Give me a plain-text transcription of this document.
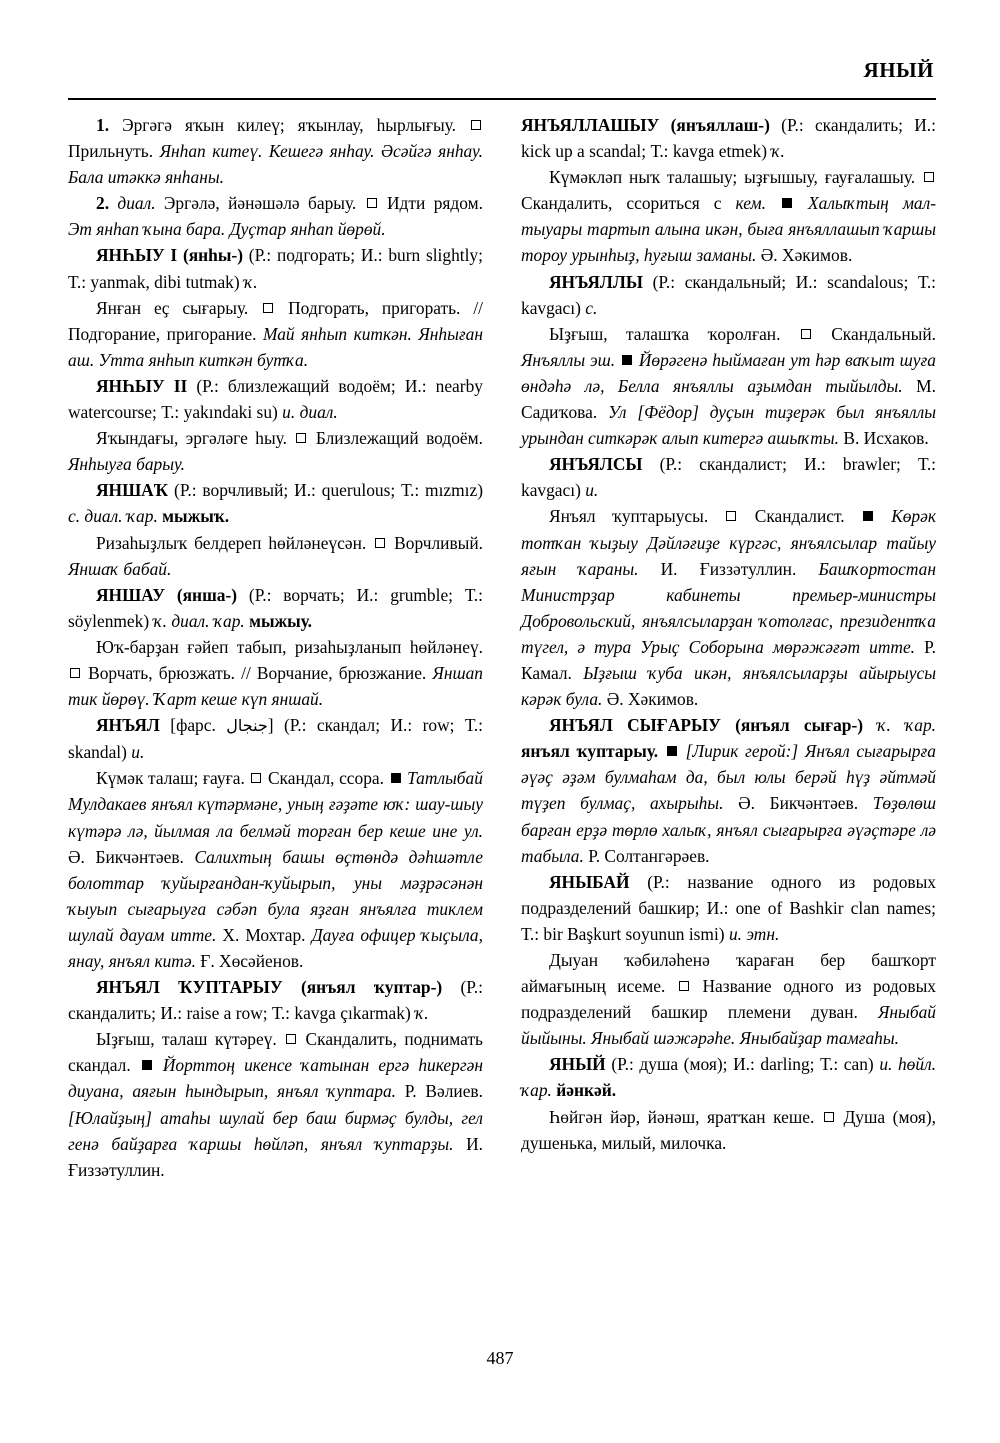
ЯНЫЙ

1. Эргәгә яҡын килеү; яҡынлау, һырлығыу.  Прильнуть. Янһап китеү. Кешегә янһау. Әсәйгә янһау. Бала итәккә янһаны.

2. диал. Эргәлә, йәнәшәлә барыу. Идти рядом. Эт янһап ҡына бара. Дуҫтар янһап йөрөй.

ЯНҺЫУ I (янһы-) (Р.: подгорать; И.: burn slightly; Т.: yanmak, dibi tutmak) ҡ.

Янған еҫ сығарыу. Подгорать, пригорать. // Подгорание, пригорание. Май янһып киткән. Янһыған аш. Утта янһып киткән бутҡа.

ЯНҺЫУ II (Р.: близлежащий водоём; И.: nearby watercourse; Т.: yakındaki su) и. диал.

Яҡындағы, эргәләге һыу. Близлежащий водоём. Янһыуға барыу.

ЯНШАҠ (Р.: ворчливый; И.: querulous; Т.: mızmız) с. диал. ҡар. мыжыҡ.

Ризаһыҙлыҡ белдереп һөйләнеүсән. Ворчливый. Яншаҡ бабай.

ЯНШАУ (янша-) (Р.: ворчать; И.: grumble; Т.: söylenmek) ҡ. диал. ҡар. мыжыу.

Юҡ-барҙан ғәйеп табып, ризаһыҙланып һөйләнеү.  Ворчать, брюзжать. // Ворчание, брюзжание. Яншап тик йөрөү. Ҡарт кеше күп яншай.

ЯНЪЯЛ [фарс. جنجال] (Р.: скандал; И.: row; Т.: skandal) и.

Күмәк талаш; ғауға. Скандал, ссора. Татлыбай Мулдакаев янъял күтәрмәне, уның ғәҙәте юҡ: шау-шыу күтәрә лә, йылмая ла белмәй торған бер кеше ине ул. Ә. Бикчәнтәев. Салихтың башы өҫтөндә дәһшәтле болоттар ҡуйырғандан-ҡуйырып, уны мәҙрәсәнән ҡыуып сығарыуға сәбәп була яҙған янъялға тиклем шулай дауам итте. Х. Мохтар. Дауға офицер ҡыҫыла, янау, янъял китә. Ғ. Хөсәйенов.

ЯНЪЯЛ ҠУПТАРЫУ (янъял ҡуптар-) (Р.: скандалить; И.: raise a row; Т.: kavga çıkarmak) ҡ.

Ыҙғыш, талаш күтәреү. Скандалить, поднимать скандал. Йорттоң икенсе ҡатынан ергә һикергән диуана, аяғын һындырып, янъял ҡуптара. Р. Вәлиев. [Юлайҙың] атаһы шулай бер баш бирмәҫ булды, гел генә байҙарға ҡаршы һөйләп, янъял ҡуптарҙы. И. Ғиззәтуллин.

ЯНЪЯЛЛАШЫУ (янъяллаш-) (Р.: скандалить; И.: kick up a scandal; Т.: kavga etmek) ҡ.

Күмәкләп ныҡ талашыу; ыҙғышыу, ғауғалашыу.  Скандалить, ссориться с кем. Халыҡтың мал-тыуары тартып алына икән, быға янъяллашып ҡаршы тороу урынһыҙ, һуғыш заманы. Ә. Хәкимов.

ЯНЪЯЛЛЫ (Р.: скандальный; И.: scandalous; Т.: kavgacı) с.

Ыҙғыш, талашҡа ҡоролған.	Скандальный. Янъяллы эш. Йөрәгенә һыймаған ут һәр ваҡыт шуға өндәһә лә, Белла янъяллы аҙымдан тыйылды. М. Садиҡова. Ул [Фёдор] дуҫын тиҙерәк был янъяллы урындан ситкәрәк алып китергә ашыҡты. В. Исхаков.

ЯНЪЯЛСЫ (Р.: скандалист; И.: brawler; Т.: kavgacı) и.

Янъял ҡуптарыусы.	Скандалист.	Көрәк тотҡан ҡыҙыу Дәйләғиҙе күргәс, янъялсылар тайыу яғын ҡараны. И. Ғиззәтуллин. Башҡортостан Министрҙар кабинеты премьер-министры Добровольский, янъялсыларҙан ҡотолғас, президентҡа түгел, ә тура Урыҫ Соборына мөрәжәғәт итте. Р. Камал. Ыҙғыш ҡуба икән, янъялсыларҙы айырыусы кәрәк була. Ә. Хәкимов.

ЯНЪЯЛ СЫҒАРЫУ (янъял сығар-) ҡ. ҡар. янъял ҡуптарыу. [Лирик герой:] Янъял сығарырға әүәҫ әҙәм булмаһам да, был юлы берәй һүҙ әйтмәй түҙеп булмаҫ, ахырыһы. Ә. Бикчәнтәев. Төҙөлөш барған ерҙә төрлө халыҡ, янъял сығарырға әүәҫтәре лә табыла. Р. Солтангәрәев.

ЯНЫБАЙ (Р.: название одного из родовых подразделений башкир; И.: one of Bashkir clan names; Т.: bir Başkurt soyunun ismi) и. этн.

Дыуан ҡәбиләһенә ҡараған бер башҡорт аймағының исеме. Название одного из родовых подразделений башкир племени дуван. Яныбай йыйыны. Яныбай шәжәрәһе. Яныбайҙар тамғаһы.

ЯНЫЙ (Р.: душа (моя); И.: darling; Т.: can) и. һөйл. ҡар. йәнкәй.

Һөйгән йәр, йәнәш, яратҡан кеше. Душа (моя), душенька, милый, милочка.

487
